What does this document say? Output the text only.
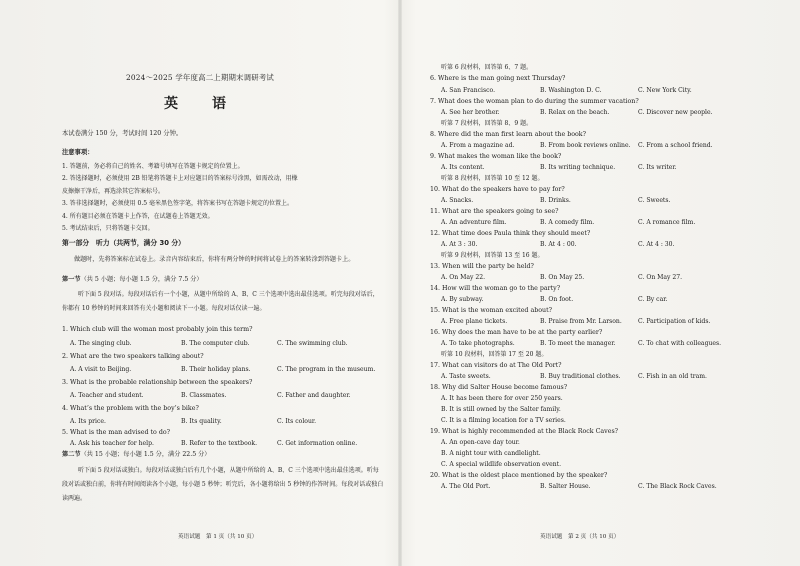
2024～2025 学年度高二上期期末调研考试
英　语
本试卷满分 150 分，考试时间 120 分钟。
注意事项：
1. 答题前，务必将自己的姓名、考籍号填写在答题卡规定的位置上。
2. 答选择题时，必须使用 2B 铅笔将答题卡上对应题目的答案标号涂黑，如需改动，用橡
皮擦擦干净后，再选涂其它答案标号。
3. 答非选择题时，必须使用 0.5 毫米黑色签字笔，将答案书写在答题卡规定的位置上。
4. 所有题目必须在答题卡上作答，在试题卷上答题无效。
5. 考试结束后，只将答题卡交回。
第一部分　听力（共两节，满分 30 分）
做题时，先将答案标在试卷上。录音内容结束后，你将有两分钟的时间将试卷上的答案转涂到答题卡上。
第一节（共 5 小题；每小题 1.5 分，满分 7.5 分）
听下面 5 段对话。每段对话后有一个小题，从题中所给的 A、B、C 三个选项中选出最佳选项。听完每段对话后，你都有 10 秒钟的时间来回答有关小题和阅读下一小题。每段对话仅读一遍。
1. Which club will the woman most probably join this term?
A. The singing club.	B. The computer club.	C. The swimming club.
2. What are the two speakers talking about?
A. A visit to Beijing.	B. Their holiday plans.	C. The program in the museum.
3. What is the probable relationship between the speakers?
A. Teacher and student.	B. Classmates.	C. Father and daughter.
4. What’s the problem with the boy’s bike?
A. Its price.	B. Its quality.	C. Its colour.
5. What is the man advised to do?
A. Ask his teacher for help.	B. Refer to the textbook.	C. Get information online.
第二节（共 15 小题；每小题 1.5 分，满分 22.5 分）
听下面 5 段对话或独白。每段对话或独白后有几个小题，从题中所给的 A、B、C 三个选项中选出最佳选项。听每段对话或独白前，你将有时间阅读各个小题，每小题 5 秒钟；听完后，各小题将给出 5 秒钟的作答时间。每段对话或独白读两遍。
英语试题　第 1 页（共 10 页）
听第 6 段材料，回答第 6、7 题。
6. Where is the man going next Thursday?
A. San Francisco.	B. Washington D. C.	C. New York City.
7. What does the woman plan to do during the summer vacation?
A. See her brother.	B. Relax on the beach.	C. Discover new people.
听第 7 段材料，回答第 8、9 题。
8. Where did the man first learn about the book?
A. From a magazine ad.	B. From book reviews online. C. From a school friend.
9. What makes the woman like the book?
A. Its content.	B. Its writing technique.	C. Its writer.
听第 8 段材料，回答第 10 至 12 题。
10. What do the speakers have to pay for?
A. Snacks.	B. Drinks.	C. Sweets.
11. What are the speakers going to see?
A. An adventure film.	B. A comedy film.	C. A romance film.
12. What time does Paula think they should meet?
A. At 3 : 30.	B. At 4 : 00.	C. At 4 : 30.
听第 9 段材料，回答第 13 至 16 题。
13. When will the party be held?
A. On May 22.	B. On May 25.	C. On May 27.
14. How will the woman go to the party?
A. By subway.	B. On foot.	C. By car.
15. What is the woman excited about?
A. Free plane tickets.	B. Praise from Mr. Larson.	C. Participation of kids.
16. Why does the man have to be at the party earlier?
A. To take photographs.	B. To meet the manager.	C. To chat with colleagues.
听第 10 段材料，回答第 17 至 20 题。
17. What can visitors do at The Old Port?
A. Taste sweets.	B. Buy traditional clothes.	C. Fish in an old tram.
18. Why did Salter House become famous?
A. It has been there for over 250 years.
B. It is still owned by the Salter family.
C. It is a filming location for a TV series.
19. What is highly recommended at the Black Rock Caves?
A. An open-cave day tour.
B. A night tour with candlelight.
C. A special wildlife observation event.
20. What is the oldest place mentioned by the speaker?
A. The Old Port.	B. Salter House.	C. The Black Rock Caves.
英语试题　第 2 页（共 10 页）
